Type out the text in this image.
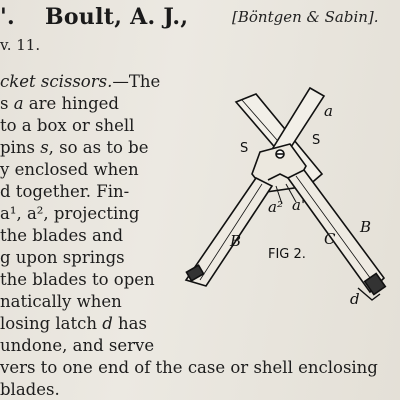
'. Boult, A. J.,	[Böntgen & Sabin].
v. 11.
cket scissors.—The
s a are hinged
to a box or shell
pins s, so as to be
y enclosed when
d together. Fin-
a¹, a², projecting
the blades and
g upon springs
the blades to open
natically when
losing latch d has
undone, and serve
vers to one end of the case or shell enclosing
blades.
a
S
S
a² a'
B
B
C
d
FIG 2.
